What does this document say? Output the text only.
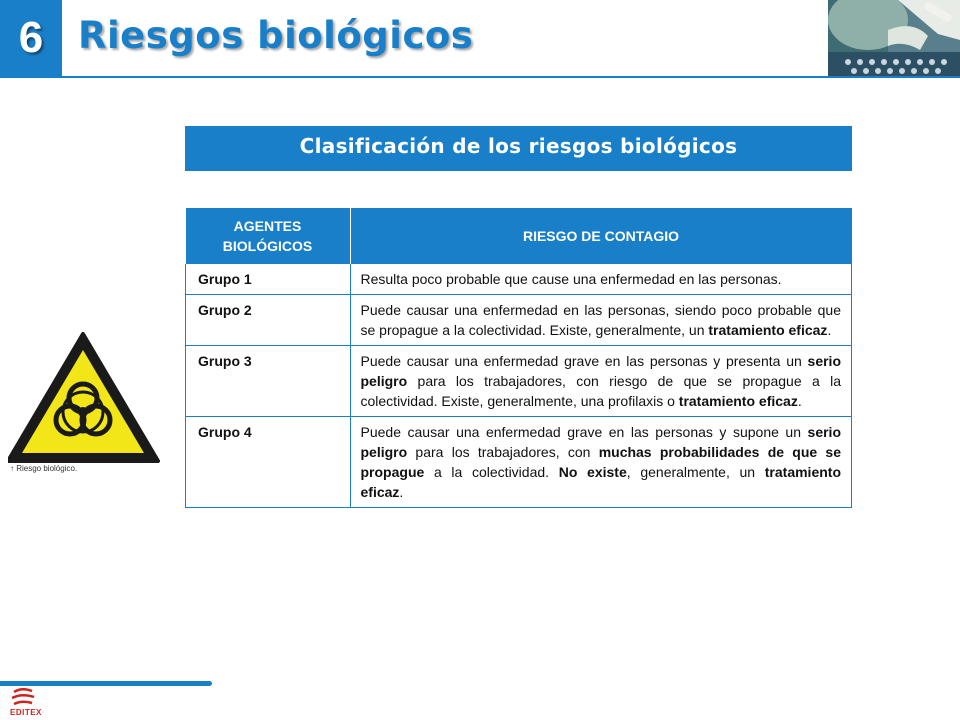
6 Riesgos biológicos
Clasificación de los riesgos biológicos
↑ Riesgo biológico.
AGENTES BIOLÓGICOS	RIESGO DE CONTAGIO
Grupo 1	Resulta poco probable que cause una enfermedad en las personas.
Grupo 2	Puede causar una enfermedad en las personas, siendo poco probable que se propague a la colectividad. Existe, generalmente, un tratamiento eficaz.
Grupo 3	Puede causar una enfermedad grave en las personas y presenta un serio peligro para los trabajadores, con riesgo de que se propague a la colectividad. Existe, generalmente, una profilaxis o tratamiento eficaz.
Grupo 4	Puede causar una enfermedad grave en las personas y supone un serio peligro para los trabajadores, con muchas probabilidades de que se propague a la colectividad. No existe, generalmente, un tratamiento eficaz.
EDITEX
